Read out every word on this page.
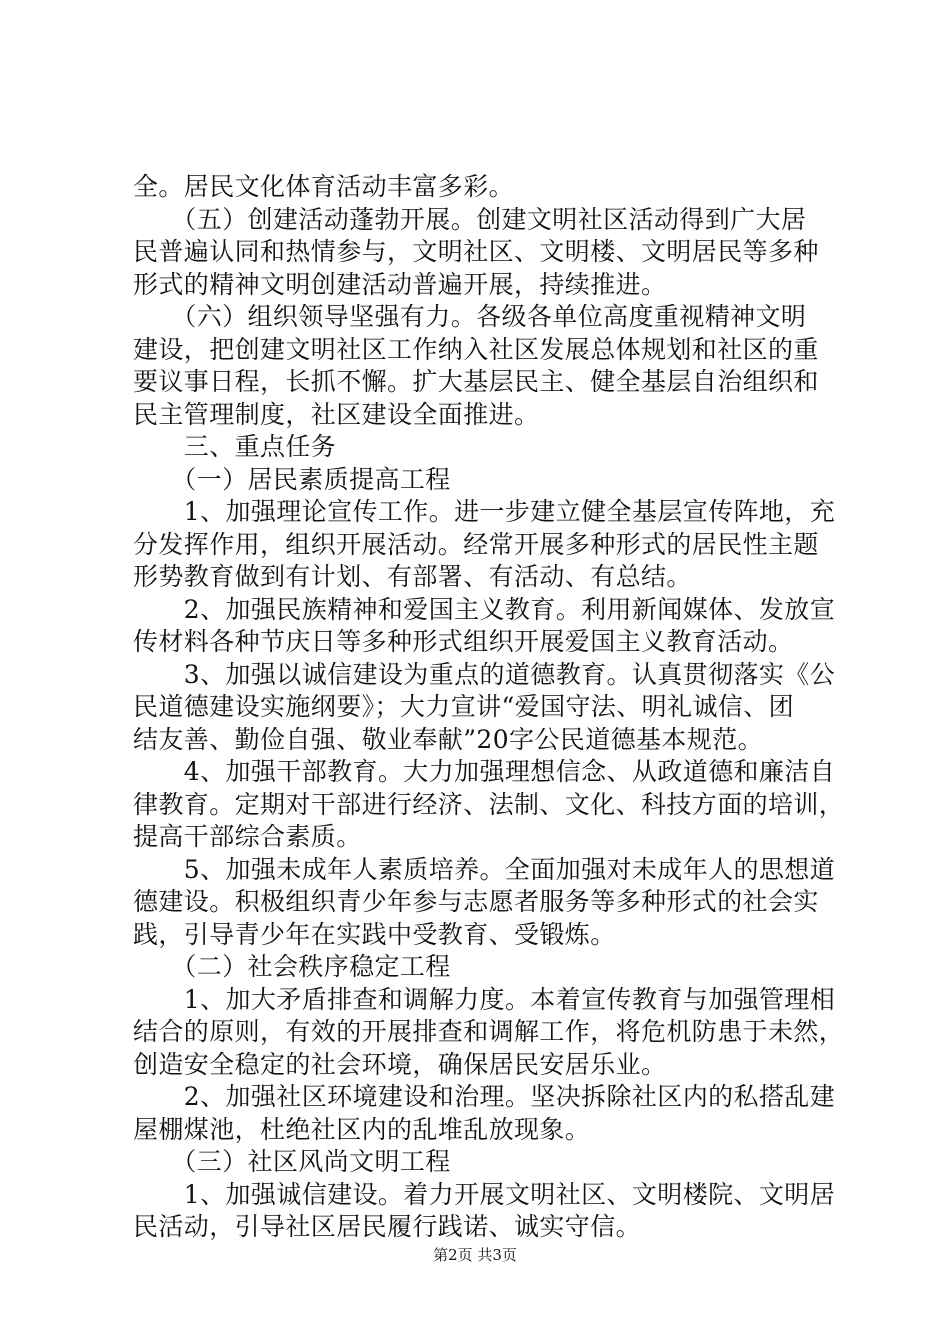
全。居民文化体育活动丰富多彩。
　　（五）创建活动蓬勃开展。创建文明社区活动得到广大居
民普遍认同和热情参与，文明社区、文明楼、文明居民等多种
形式的精神文明创建活动普遍开展，持续推进。
　　（六）组织领导坚强有力。各级各单位高度重视精神文明
建设，把创建文明社区工作纳入社区发展总体规划和社区的重
要议事日程，长抓不懈。扩大基层民主、健全基层自治组织和
民主管理制度，社区建设全面推进。
　　三、重点任务
　　（一）居民素质提高工程
　　1、加强理论宣传工作。进一步建立健全基层宣传阵地，充
分发挥作用，组织开展活动。经常开展多种形式的居民性主题
形势教育做到有计划、有部署、有活动、有总结。
　　2、加强民族精神和爱国主义教育。利用新闻媒体、发放宣
传材料各种节庆日等多种形式组织开展爱国主义教育活动。
　　3、加强以诚信建设为重点的道德教育。认真贯彻落实《公
民道德建设实施纲要》；大力宣讲“爱国守法、明礼诚信、团
结友善、勤俭自强、敬业奉献”20字公民道德基本规范。
　　4、加强干部教育。大力加强理想信念、从政道德和廉洁自
律教育。定期对干部进行经济、法制、文化、科技方面的培训，
提高干部综合素质。
　　5、加强未成年人素质培养。全面加强对未成年人的思想道
德建设。积极组织青少年参与志愿者服务等多种形式的社会实
践，引导青少年在实践中受教育、受锻炼。
　　（二）社会秩序稳定工程
　　1、加大矛盾排查和调解力度。本着宣传教育与加强管理相
结合的原则，有效的开展排查和调解工作，将危机防患于未然，
创造安全稳定的社会环境，确保居民安居乐业。
　　2、加强社区环境建设和治理。坚决拆除社区内的私搭乱建
屋棚煤池，杜绝社区内的乱堆乱放现象。
　　（三）社区风尚文明工程
　　1、加强诚信建设。着力开展文明社区、文明楼院、文明居
民活动，引导社区居民履行践诺、诚实守信。
第2页 共3页
